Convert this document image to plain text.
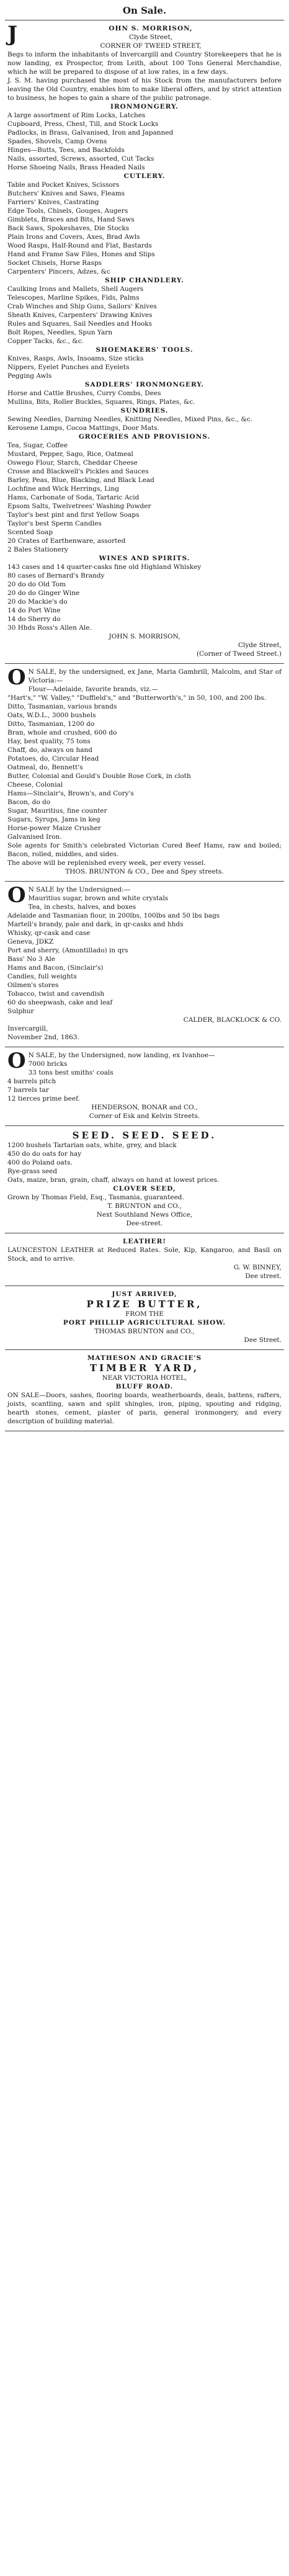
On Sale.
J	OHN S. MORRISON,

Clyde Street,

CORNER OF TWEED STREET,

Begs to inform the inhabitants of Invercargill and Country Storekeepers that he is now landing, ex Prospector, from Leith, about 100 Tons General Merchandise, which he will be prepared to dispose of at low rates, in a few days.

J. S. M. having purchased the most of his Stock from the manufacturers before leaving the Old Country, enables him to make liberal offers, and by strict attention to business, he hopes to gain a share of the public patronage.

IRONMONGERY.

A large assortment of Rim Locks, Latches
Cupboard, Press, Chest, Till, and Stock Locks
Padlocks, in Brass, Galvanised, Iron and Japanned
Spades, Shovels, Camp Ovens
Hinges—Butts, Tees, and Backfolds
Nails, assorted, Screws, assorted, Cut Tacks
Horse Shoeing Nails, Brass Headed Nails

CUTLERY.

Table and Pocket Knives, Scissors
Butchers' Knives and Saws, Fleams
Farriers' Knives, Castrating
Edge Tools, Chisels, Gouges, Augers
Gimblets, Braces and Bits, Hand Saws
Back Saws, Spokeshaves, Die Stocks
Plain Irons and Covers, Axes, Brad Awls
Wood Rasps, Half-Round and Flat, Bastards
Hand and Frame Saw Files, Hones and Slips
Socket Chisels, Horse Rasps
Carpenters' Pincers, Adzes, &c

SHIP CHANDLERY.

Caulking Irons and Mallets, Shell Augers
Telescopes, Marline Spikes, Fids, Palms
Crab Winches and Ship Guns, Sailors' Knives
Sheath Knives, Carpenters' Drawing Knives
Rules and Squares, Sail Needles and Hooks
Bolt Ropes, Needles, Spun Yarn
Copper Tacks, &c., &c.

SHOEMAKERS' TOOLS.

Knives, Rasps, Awls, Insoams, Size sticks
Nippers, Eyelet Punches and Eyelets
Pegging Awls

SADDLERS' IRONMONGERY.

Horse and Cattle Brushes, Curry Combs, Dees
Mullins, Bits, Roller Buckles, Squares, Rings, Plates, &c.

SUNDRIES.

Sewing Needles, Darning Needles, Knitting Needles, Mixed Pins, &c., &c.
Kerosene Lamps, Cocoa Mattings, Door Mats.

GROCERIES AND PROVISIONS.

Tea, Sugar, Coffee
Mustard, Pepper, Sago, Rice, Oatmeal
Oswego Flour, Starch, Cheddar Cheese
Crosse and Blackwell's Pickles and Sauces
Barley, Peas, Blue, Blacking, and Black Lead
Lochfine and Wick Herrings, Ling
Hams, Carbonate of Soda, Tartaric Acid
Epsom Salts, Twelvetrees' Washing Powder
Taylor's best pint and first Yellow Soaps
Taylor's best Sperm Candles
Scented Soap
20 Crates of Earthenware, assorted
2 Bales Stationery

WINES AND SPIRITS.

143 cases and 14 quarter-casks fine old Highland Whiskey
80 cases of Bernard's Brandy
20 do do Old Tom
20 do do Ginger Wine
20 do Mackie's do
14 do Port Wine
14 do Sherry do
30 Hhds Ross's Allen Ale.

JOHN S. MORRISON,

Clyde Street,
(Corner of Tweed Street.)

O N SALE, by the undersigned, ex Jane, Maria Gambrill, Malcolm, and Star of Victoria:—

Flour—Adelaide, favorite brands, viz.—
"Hart's," "W. Valley," "Duffield's," and "Butterworth's," in 50, 100, and 200 lbs.
Ditto, Tasmanian, various brands
Oats, W.D.L., 3000 bushels
Ditto, Tasmanian, 1200 do
Bran, whole and crushed, 600 do
Hay, best quality, 75 tons
Chaff, do, always on hand
Potatoes, do, Circular Head
Oatmeal, do, Bennett's
Butter, Colonial and Gould's Double Rose Cork, in cloth
Cheese, Colonial
Hams—Sinclair's, Brown's, and Cory's
Bacon, do do
Sugar, Mauritius, fine counter
Sugars, Syrups, Jams in keg
Horse-power Maize Crusher
Galvanised Iron.

Sole agents for Smith's celebrated Victorian Cured Beef Hams, raw and boiled; Bacon, rolled, middles, and sides.

The above will be replenished every week, per every vessel.

THOS. BRUNTON & CO., Dee and Spey streets.

O N SALE by the Undersigned:—

Mauritius sugar, brown and white crystals
Tea, in chests, halves, and boxes
Adelaide and Tasmanian flour, in 200lbs, 100lbs and 50 lbs bags
Martell's brandy, pale and dark, in qr-casks and hhds
Whisky, qr-cask and case
Geneva, JDKZ
Port and sherry, (Amontillado) in qrs
Bass' No 3 Ale
Hams and Bacon, (Sinclair's)
Candles, full weights
Oilmen's stores
Tobacco, twist and cavendish
60 do sheepwash, cake and leaf
Sulphur

CALDER, BLACKLOCK & CO.

Invercargill,
November 2nd, 1863.

O N SALE, by the Undersigned, now landing, ex Ivanhoe—

7000 bricks
33 tons best smiths' coals
4 barrels pitch
7 barrels tar
12 tierces prime beef.

HENDERSON, BONAR and CO.,
Corner of Esk and Kelvin Streets.

SEED. SEED. SEED.

1200 bushels Tartarian oats, white, grey, and black
450 do do oats for hay
400 do Poland oats.
Rye-grass seed
Oats, maize, bran, grain, chaff, always on hand at lowest prices.

CLOVER SEED,

Grown by Thomas Field, Esq., Tasmania, guaranteed.

T. BRUNTON and CO.,
Next Southland News Office,
Dee-street.

LEATHER!

LAUNCESTON LEATHER at Reduced Rates. Sole, Kip, Kangaroo, and Basil on Stock, and to arrive.

G. W. BINNEY,
Dee street.

JUST ARRIVED,

PRIZE BUTTER,

FROM THE

PORT PHILLIP AGRICULTURAL SHOW.

THOMAS BRUNTON and CO.,

Dee Street.

MATHESON AND GRACIE'S

TIMBER YARD,

NEAR VICTORIA HOTEL,

BLUFF ROAD.

ON SALE—Doors, sashes, flooring boards, weatherboards, deals, battens, rafters, joists, scantling, sawn and split shingles, iron, piping, spouting and ridging, hearth stones, cement, plaster of paris, general ironmongery, and every description of building material.
